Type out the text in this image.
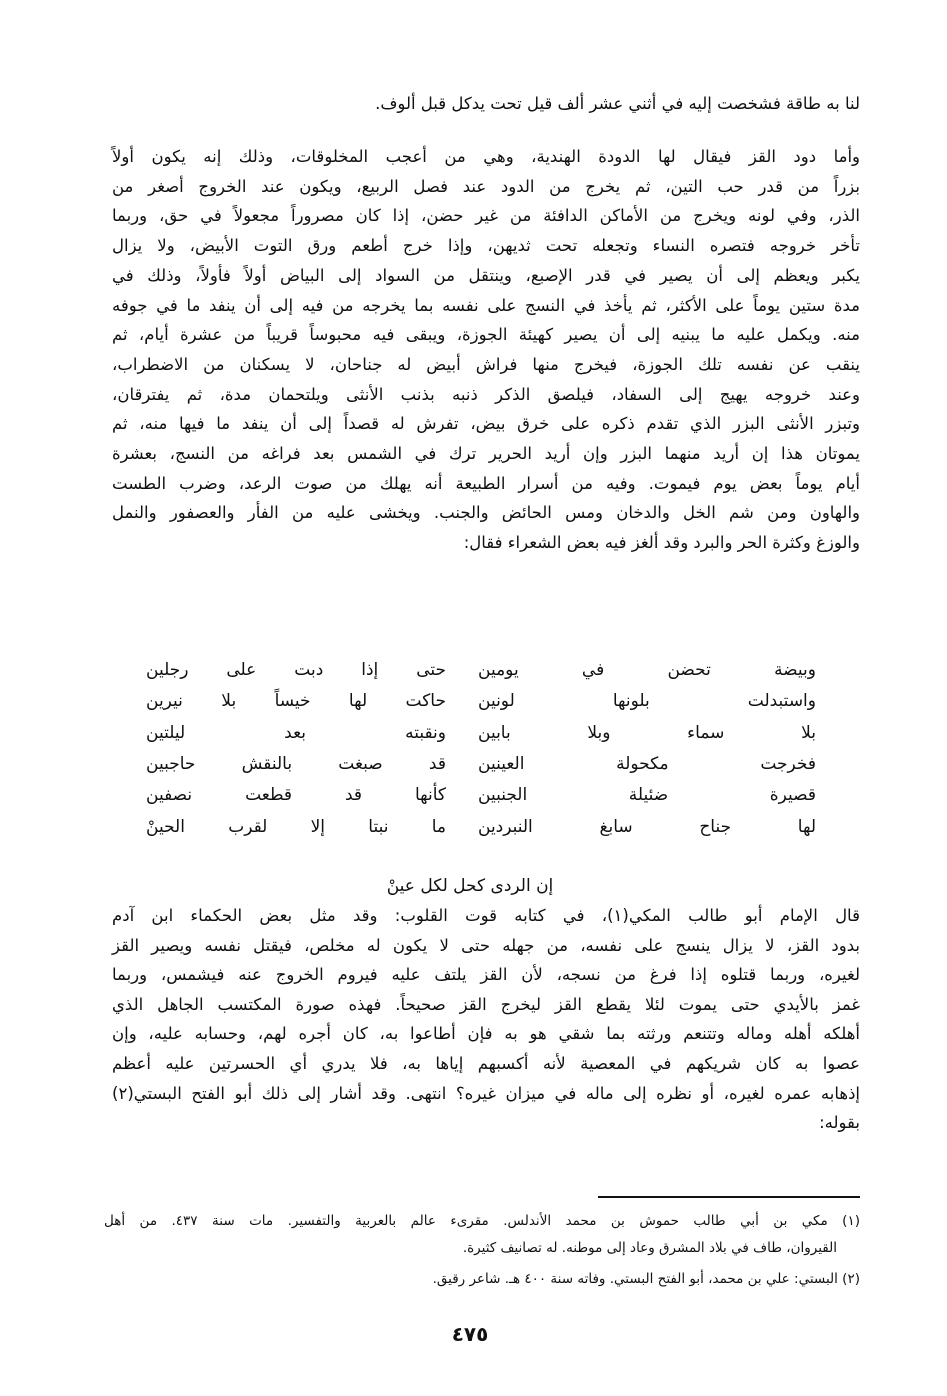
لنا به طاقة فشخصت إليه في أثني عشر ألف قيل تحت يدكل قبل ألوف.
٤٧٥
وأما دود القز فيقال لها الدودة الهندية، وهي من أعجب المخلوقات، وذلك إنه يكون أولاً
بزراً من قدر حب التين، ثم يخرج من الدود عند فصل الربيع، ويكون عند الخروج أصغر من
الذر، وفي لونه ويخرج من الأماكن الدافئة من غير حضن، إذا كان مصروراً مجعولاً في حق، وربما
تأخر خروجه فتصره النساء وتجعله تحت ثديهن، وإذا خرج أطعم ورق التوت الأبيض، ولا يزال
يكبر ويعظم إلى أن يصير في قدر الإصبع، وينتقل من السواد إلى البياض أولاً فأولاً، وذلك في
مدة ستين يوماً على الأكثر، ثم يأخذ في النسج على نفسه بما يخرجه من فيه إلى أن ينفد ما في جوفه
منه. ويكمل عليه ما يبنيه إلى أن يصير كهيئة الجوزة، ويبقى فيه محبوساً قريباً من عشرة أيام، ثم
ينقب عن نفسه تلك الجوزة، فيخرج منها فراش أبيض له جناحان، لا يسكنان من الاضطراب،
وعند خروجه يهيج إلى السفاد، فيلصق الذكر ذنبه بذنب الأنثى ويلتحمان مدة، ثم يفترقان،
وتبزر الأنثى البزر الذي تقدم ذكره على خرق بيض، تفرش له قصداً إلى أن ينفد ما فيها منه، ثم
يموتان هذا إن أريد منهما البزر وإن أريد الحرير ترك في الشمس بعد فراغه من النسج، بعشرة
أيام يوماً بعض يوم فيموت. وفيه من أسرار الطبيعة أنه يهلك من صوت الرعد، وضرب الطست
والهاون ومن شم الخل والدخان ومس الحائض والجنب. ويخشى عليه من الفأر والعصفور والنمل
والوزغ وكثرة الحر والبرد وقد ألغز فيه بعض الشعراء فقال:
وبيضة تحضن في يومين
حتى إذا دبت على رجلين
واستبدلت بلونها لونين
حاكت لها خيساً بلا نيرين
بلا سماء وبلا بابين
ونقبته بعد ليلتين
فخرجت مكحولة العينين
قد صبغت بالنقش حاجبين
قصيرة ضئيلة الجنبين
كأنها قد قطعت نصفين
لها جناح سابغ النبردين
ما نبتا إلا لقرب الحينْ
إن الردى كحل لكل عينْ
قال الإمام أبو طالب المكي(١)، في كتابه قوت القلوب: وقد مثل بعض الحكماء ابن آدم
بدود القز، لا يزال ينسج على نفسه، من جهله حتى لا يكون له مخلص، فيقتل نفسه ويصير القز
لغيره، وربما قتلوه إذا فرغ من نسجه، لأن القز يلتف عليه فيروم الخروج عنه فيشمس، وربما
غمز بالأيدي حتى يموت لئلا يقطع القز ليخرج القز صحيحاً. فهذه صورة المكتسب الجاهل الذي
أهلكه أهله وماله وتتنعم ورثته بما شقي هو به فإن أطاعوا به، كان أجره لهم، وحسابه عليه، وإن
عصوا به كان شريكهم في المعصية لأنه أكسبهم إياها به، فلا يدري أي الحسرتين عليه أعظم
إذهابه عمره لغيره، أو نظره إلى ماله في ميزان غيره؟ انتهى. وقد أشار إلى ذلك أبو الفتح البستي(٢)
بقوله:
(١) مكي بن أبي طالب حموش بن محمد الأندلس. مقرىء عالم بالعربية والتفسير. مات سنة ٤٣٧. من أهل
القيروان، طاف في بلاد المشرق وعاد إلى موطنه. له تصانيف كثيرة.
(٢) البستي: علي بن محمد، أبو الفتح البستي. وفاته سنة ٤٠٠ هـ. شاعر رقيق.
